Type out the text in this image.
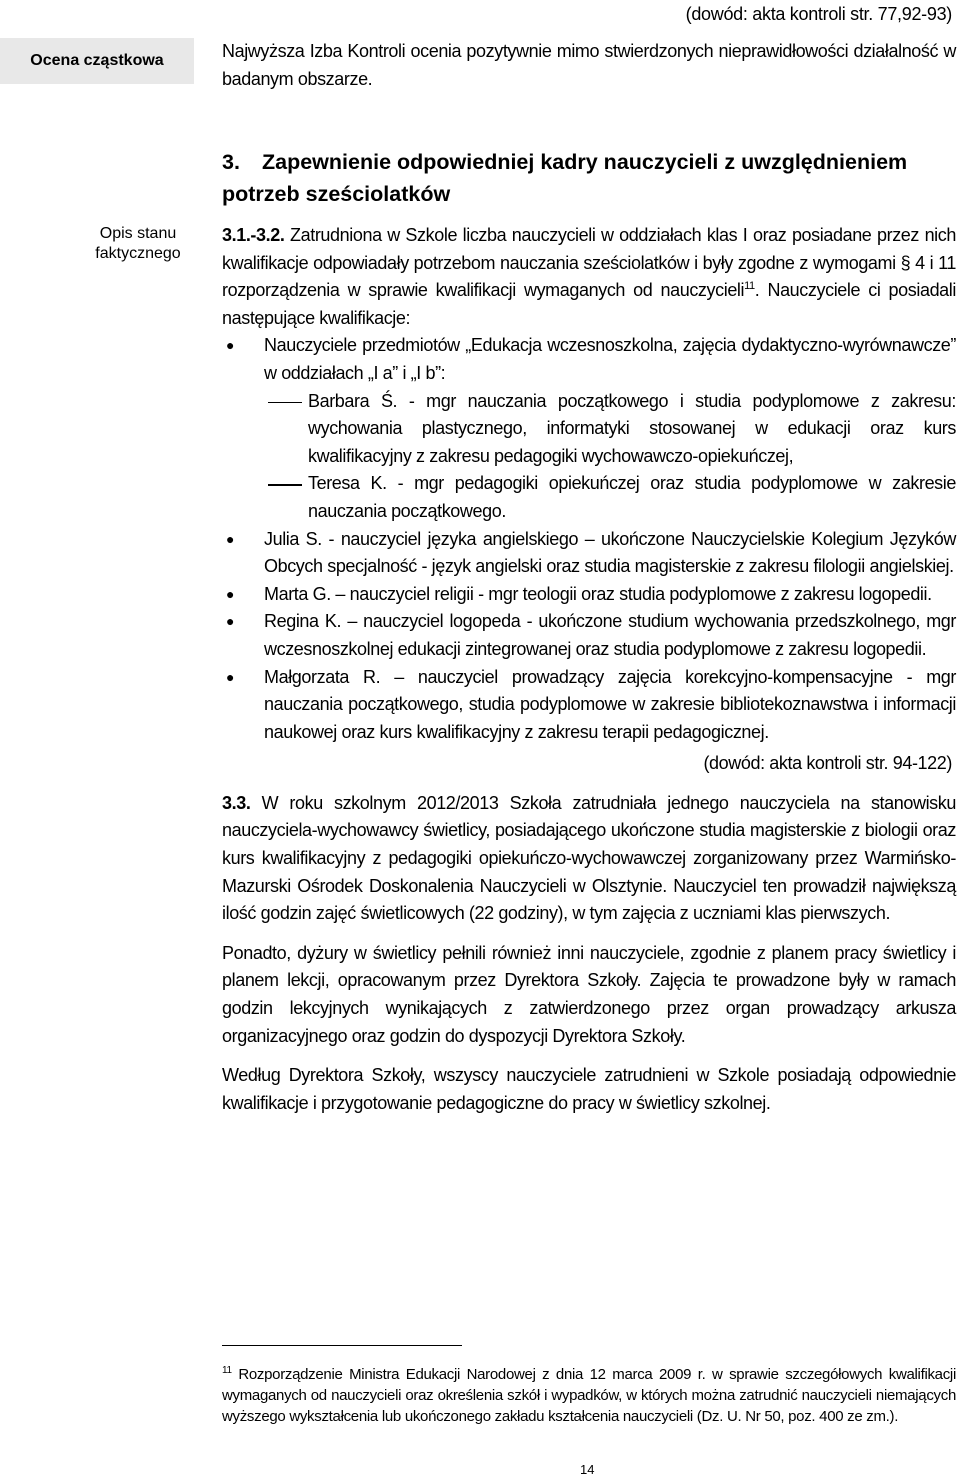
(dowód: akta kontroli str. 77,92-93)
Ocena cząstkowa	Najwyższa Izba Kontroli ocenia pozytywnie mimo stwierdzonych nieprawidłowości działalność w badanym obszarze.
3. Zapewnienie odpowiedniej kadry nauczycieli z uwzględnieniem potrzeb sześciolatków
Opis stanu faktycznego

3.1.-3.2. Zatrudniona w Szkole liczba nauczycieli w oddziałach klas I oraz posiadane przez nich kwalifikacje odpowiadały potrzebom nauczania sześciolatków i były zgodne z wymogami § 4 i 11 rozporządzenia w sprawie kwalifikacji wymaganych od nauczycieli$^{11}$. Nauczyciele ci posiadali następujące kwalifikacje:

● Nauczyciele przedmiotów „Edukacja wczesnoszkolna, zajęcia dydaktyczno-wyrównawcze” w oddziałach „I a” i „I b”:
Barbara Ś. - mgr nauczania początkowego i studia podyplomowe z zakresu: wychowania plastycznego, informatyki stosowanej w edukacji oraz kurs kwalifikacyjny z zakresu pedagogiki wychowawczo-opiekuńczej,
Teresa K. - mgr pedagogiki opiekuńczej oraz studia podyplomowe w zakresie nauczania początkowego.
● Julia S. - nauczyciel języka angielskiego – ukończone Nauczycielskie Kolegium Języków Obcych specjalność - język angielski oraz studia magisterskie z zakresu filologii angielskiej.
● Marta G. – nauczyciel religii - mgr teologii oraz studia podyplomowe z zakresu logopedii.
● Regina K. – nauczyciel logopeda - ukończone studium wychowania przedszkolnego, mgr wczesnoszkolnej edukacji zintegrowanej oraz studia podyplomowe z zakresu logopedii.
● Małgorzata R. – nauczyciel prowadzący zajęcia korekcyjno-kompensacyjne - mgr nauczania początkowego, studia podyplomowe w zakresie bibliotekoznawstwa i informacji naukowej oraz kurs kwalifikacyjny z zakresu terapii pedagogicznej.
(dowód: akta kontroli str. 94-122)

3.3. W roku szkolnym 2012/2013 Szkoła zatrudniała jednego nauczyciela na stanowisku nauczyciela-wychowawcy świetlicy, posiadającego ukończone studia magisterskie z biologii oraz kurs kwalifikacyjny z pedagogiki opiekuńczo-wychowawczej zorganizowany przez Warmińsko-Mazurski Ośrodek Doskonalenia Nauczycieli w Olsztynie. Nauczyciel ten prowadził największą ilość godzin zajęć świetlicowych (22 godziny), w tym zajęcia z uczniami klas pierwszych.

Ponadto, dyżury w świetlicy pełnili również inni nauczyciele, zgodnie z planem pracy świetlicy i planem lekcji, opracowanym przez Dyrektora Szkoły. Zajęcia te prowadzone były w ramach godzin lekcyjnych wynikających z zatwierdzonego przez organ prowadzący arkusza organizacyjnego oraz godzin do dyspozycji Dyrektora Szkoły.

Według Dyrektora Szkoły, wszyscy nauczyciele zatrudnieni w Szkole posiadają odpowiednie kwalifikacje i przygotowanie pedagogiczne do pracy w świetlicy szkolnej.

$^{11}$ Rozporządzenie Ministra Edukacji Narodowej z dnia 12 marca 2009 r. w sprawie szczegółowych kwalifikacji wymaganych od nauczycieli oraz określenia szkół i wypadków, w których można zatrudnić nauczycieli niemających wyższego wykształcenia lub ukończonego zakładu kształcenia nauczycieli (Dz. U. Nr 50, poz. 400 ze zm.).
14
